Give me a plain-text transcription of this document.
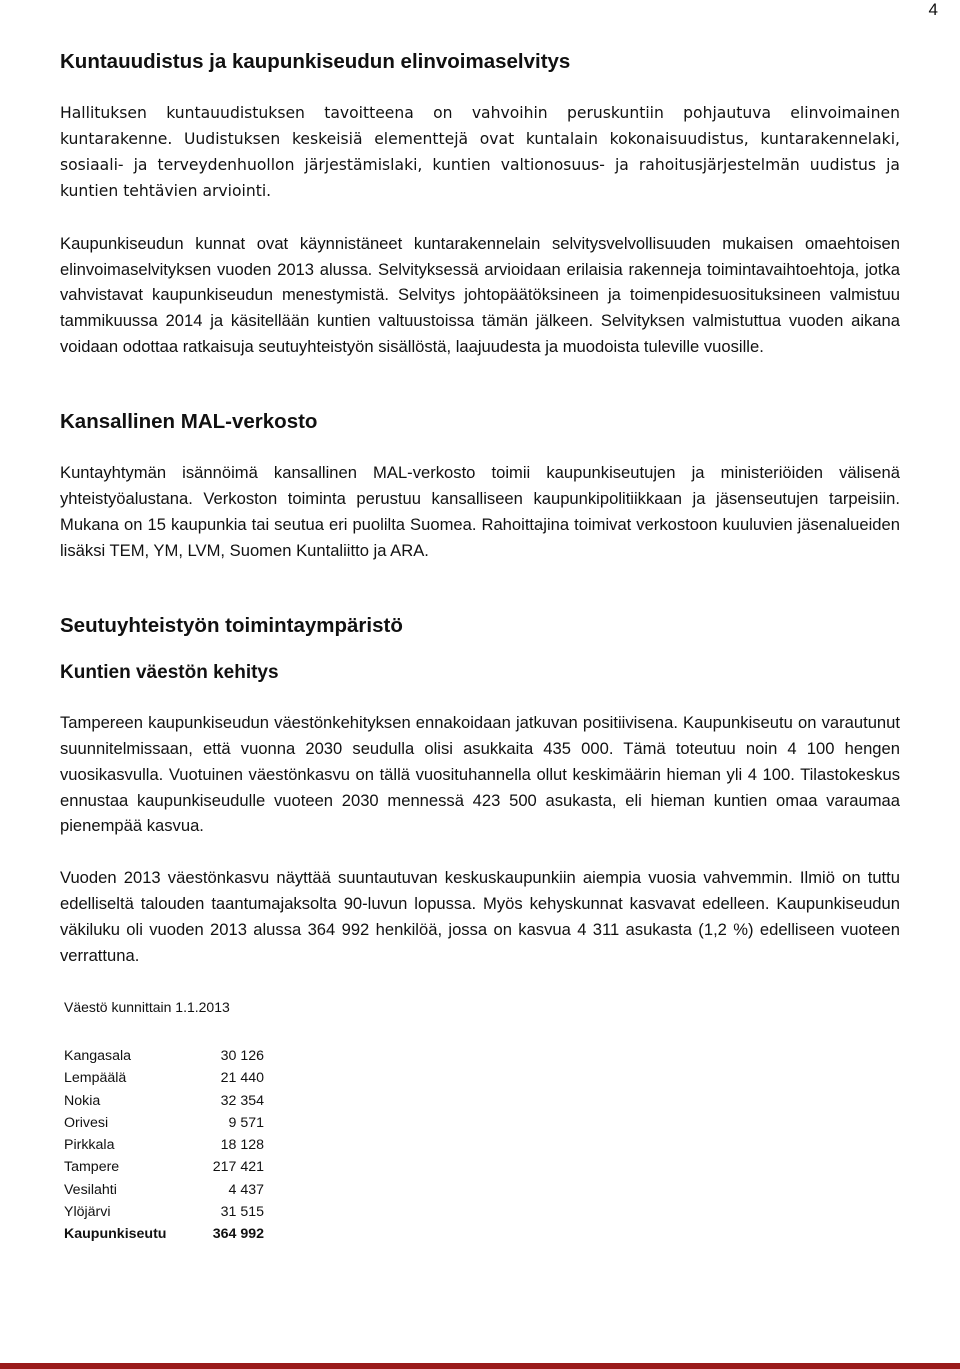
4
Kuntauudistus ja kaupunkiseudun elinvoimaselvitys

Hallituksen kuntauudistuksen tavoitteena on vahvoihin peruskuntiin pohjautuva elinvoimainen kuntarakenne. Uudistuksen keskeisiä elementtejä ovat kuntalain kokonaisuudistus, kuntarakennelaki, sosiaali- ja terveydenhuollon järjestämislaki, kuntien valtionosuus- ja rahoitusjärjestelmän uudistus ja kuntien tehtävien arviointi.

Kaupunkiseudun kunnat ovat käynnistäneet kuntarakennelain selvitysvelvollisuuden mukaisen omaehtoisen elinvoimaselvityksen vuoden 2013 alussa. Selvityksessä arvioidaan erilaisia rakenneja toimintavaihtoehtoja, jotka vahvistavat kaupunkiseudun menestymistä. Selvitys johtopäätöksineen ja toimenpidesuosituksineen valmistuu tammikuussa 2014 ja käsitellään kuntien valtuustoissa tämän jälkeen. Selvityksen valmistuttua vuoden aikana voidaan odottaa ratkaisuja seutuyhteistyön sisällöstä, laajuudesta ja muodoista tuleville vuosille.

Kansallinen MAL-verkosto

Kuntayhtymän isännöimä kansallinen MAL-verkosto toimii kaupunkiseutujen ja ministeriöiden välisenä yhteistyöalustana. Verkoston toiminta perustuu kansalliseen kaupunkipolitiikkaan ja jäsenseutujen tarpeisiin. Mukana on 15 kaupunkia tai seutua eri puolilta Suomea. Rahoittajina toimivat verkostoon kuuluvien jäsenalueiden lisäksi TEM, YM, LVM, Suomen Kuntaliitto ja ARA.

Seutuyhteistyön toimintaympäristö
Kuntien väestön kehitys

Tampereen kaupunkiseudun väestönkehityksen ennakoidaan jatkuvan positiivisena. Kaupunkiseutu on varautunut suunnitelmissaan, että vuonna 2030 seudulla olisi asukkaita 435 000. Tämä toteutuu noin 4 100 hengen vuosikasvulla. Vuotuinen väestönkasvu on tällä vuosituhannella ollut keskimäärin hieman yli 4 100. Tilastokeskus ennustaa kaupunkiseudulle vuoteen 2030 mennessä 423 500 asukasta, eli hieman kuntien omaa varaumaa pienempää kasvua.

Vuoden 2013 väestönkasvu näyttää suuntautuvan keskuskaupunkiin aiempia vuosia vahvemmin. Ilmiö on tuttu edelliseltä talouden taantumajaksolta 90-luvun lopussa. Myös kehyskunnat kasvavat edelleen. Kaupunkiseudun väkiluku oli vuoden 2013 alussa 364 992 henkilöä, jossa on kasvua 4 311 asukasta (1,2 %) edelliseen vuoteen verrattuna.

Väestö kunnittain 1.1.2013

Kangasala	30 126
Lempäälä	21 440
Nokia	32 354
Orivesi	9 571
Pirkkala	18 128
Tampere	217 421
Vesilahti	4 437
Ylöjärvi	31 515
Kaupunkiseutu	364 992
